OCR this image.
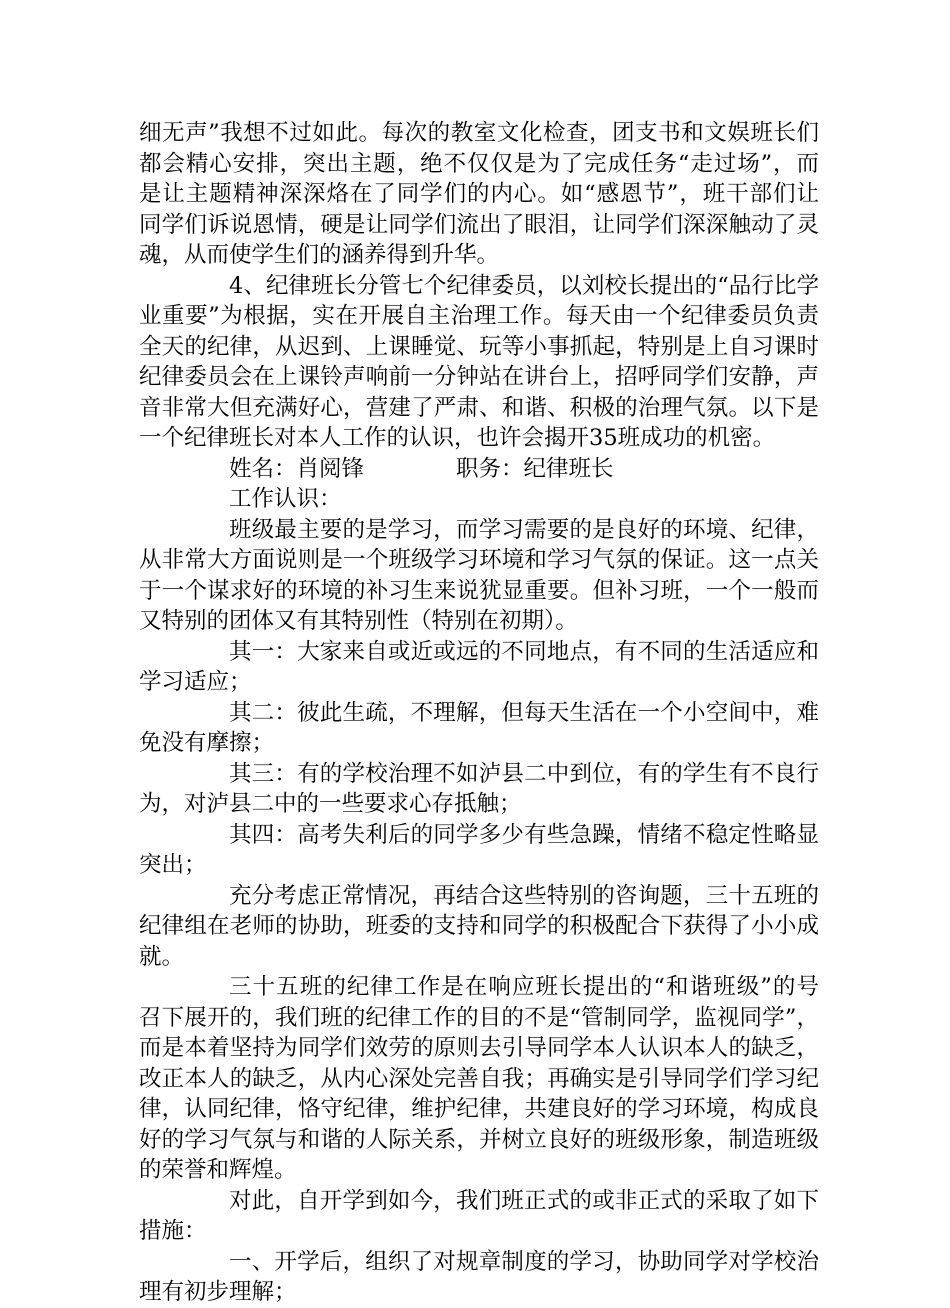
细无声”我想不过如此。每次的教室文化检查，团支书和文娱班长们
都会精心安排，突出主题，绝不仅仅是为了完成任务“走过场”，而
是让主题精神深深烙在了同学们的内心。如“感恩节”，班干部们让
同学们诉说恩情，硬是让同学们流出了眼泪，让同学们深深触动了灵
魂，从而使学生们的涵养得到升华。
4、纪律班长分管七个纪律委员，以刘校长提出的“品行比学
业重要”为根据，实在开展自主治理工作。每天由一个纪律委员负责
全天的纪律，从迟到、上课睡觉、玩等小事抓起，特别是上自习课时
纪律委员会在上课铃声响前一分钟站在讲台上，招呼同学们安静，声
音非常大但充满好心，营建了严肃、和谐、积极的治理气氛。以下是
一个纪律班长对本人工作的认识，也许会揭开35班成功的机密。
姓名：肖阅锋	职务：纪律班长
工作认识：
班级最主要的是学习，而学习需要的是良好的环境、纪律，
从非常大方面说则是一个班级学习环境和学习气氛的保证。这一点关
于一个谋求好的环境的补习生来说犹显重要。但补习班，一个一般而
又特别的团体又有其特别性（特别在初期）。
其一：大家来自或近或远的不同地点，有不同的生活适应和
学习适应；
其二：彼此生疏，不理解，但每天生活在一个小空间中，难
免没有摩擦；
其三：有的学校治理不如泸县二中到位，有的学生有不良行
为，对泸县二中的一些要求心存抵触；
其四：高考失利后的同学多少有些急躁，情绪不稳定性略显
突出；
充分考虑正常情况，再结合这些特别的咨询题，三十五班的
纪律组在老师的协助，班委的支持和同学的积极配合下获得了小小成
就。
三十五班的纪律工作是在响应班长提出的“和谐班级”的号
召下展开的，我们班的纪律工作的目的不是“管制同学，监视同学”，
而是本着坚持为同学们效劳的原则去引导同学本人认识本人的缺乏，
改正本人的缺乏，从内心深处完善自我；再确实是引导同学们学习纪
律，认同纪律，恪守纪律，维护纪律，共建良好的学习环境，构成良
好的学习气氛与和谐的人际关系，并树立良好的班级形象，制造班级
的荣誉和辉煌。
对此，自开学到如今，我们班正式的或非正式的采取了如下
措施：
一、开学后，组织了对规章制度的学习，协助同学对学校治
理有初步理解；
